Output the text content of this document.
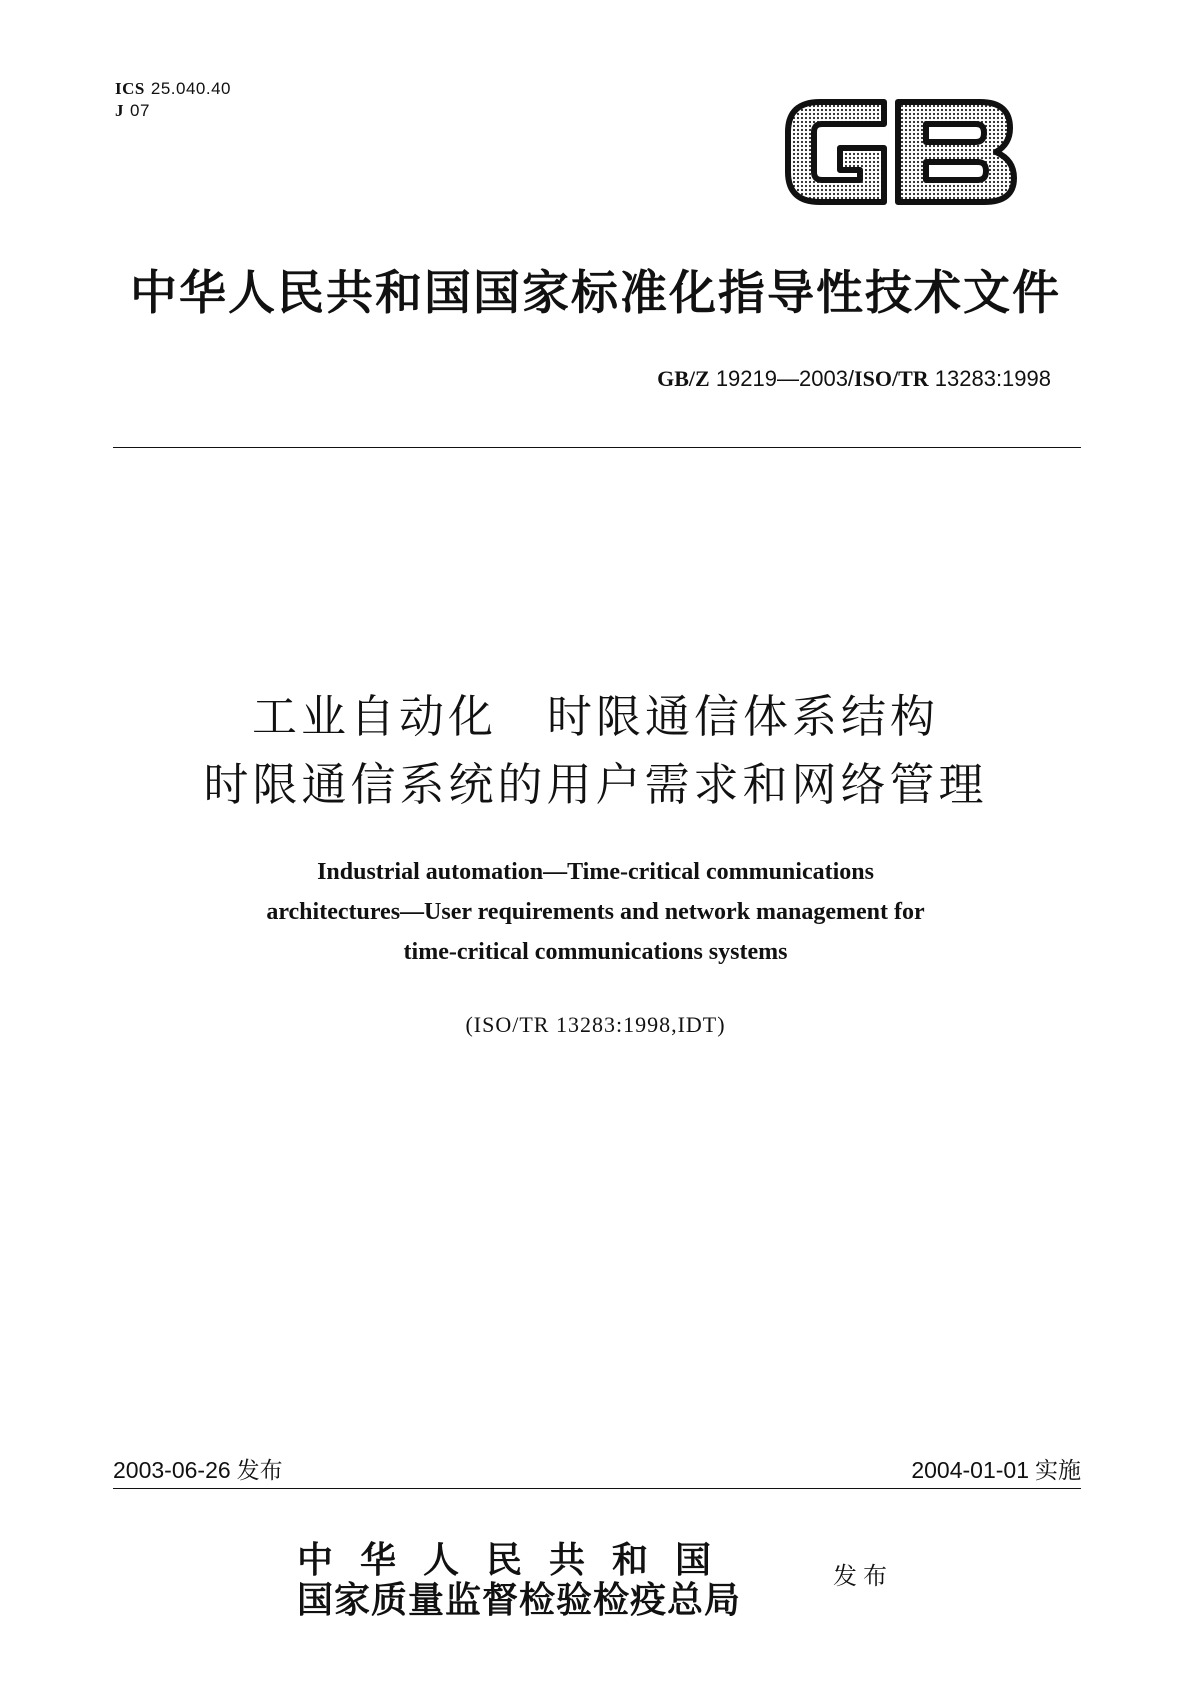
ICS 25.040.40
J 07
中华人民共和国国家标准化指导性技术文件
GB/Z 19219—2003/ISO/TR 13283:1998
工业自动化 时限通信体系结构
时限通信系统的用户需求和网络管理
Industrial automation—Time-critical communications
architectures—User requirements and network management for
time-critical communications systems
(ISO/TR 13283:1998,IDT)
2003-06-26 发布	2004-01-01 实施
中华人民共和国
国家质量监督检验检疫总局
发布
